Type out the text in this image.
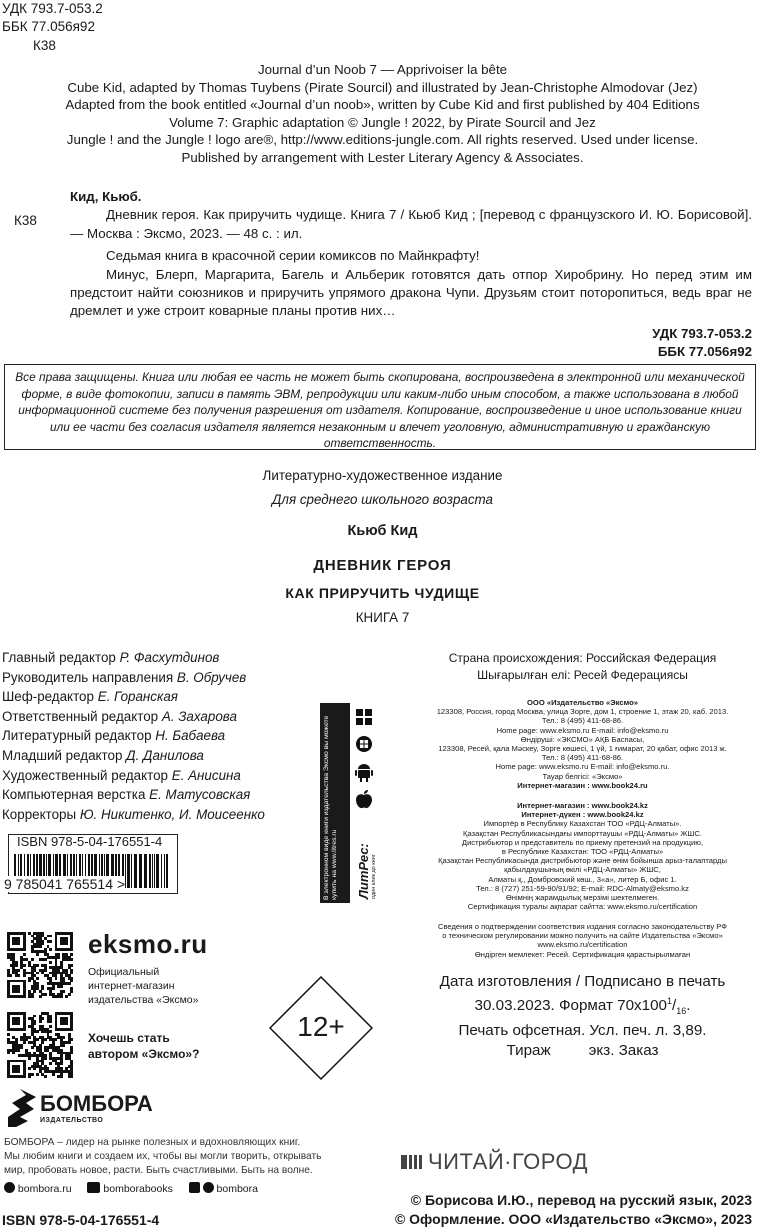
УДК 793.7-053.2
ББК 77.056я92
К38
Journal d’un Noob 7 — Apprivoiser la bête
Cube Kid, adapted by Thomas Tuybens (Pirate Sourcil) and illustrated by Jean-Christophe Almodovar (Jez)
Adapted from the book entitled «Journal d’un noob», written by Cube Kid and first published by 404 Editions
Volume 7: Graphic adaptation © Jungle ! 2022, by Pirate Sourcil and Jez
Jungle ! and the Jungle ! logo are®, http://www.editions-jungle.com. All rights reserved. Used under license.
Published by arrangement with Lester Literary Agency & Associates.
К38

Кид, Кьюб.

Дневник героя. Как приручить чудище. Книга 7 / Кьюб Кид ; [перевод с французского И. Ю. Борисовой]. — Москва : Эксмо, 2023. — 48 с. : ил.

Седьмая книга в красочной серии комиксов по Майнкрафту!

Минус, Блерп, Маргарита, Багель и Альберик готовятся дать отпор Хиробрину. Но перед этим им предстоит найти союзников и приручить упрямого дракона Чупи. Друзьям стоит поторопиться, ведь враг не дремлет и уже строит коварные планы против них…

УДК 793.7-053.2

ББК 77.056я92

Все права защищены. Книга или любая ее часть не может быть скопирована, воспроизведена в электронной или механической форме, в виде фотокопии, записи в память ЭВМ, репродукции или каким-либо иным способом, а также использована в любой информационной системе без получения разрешения от издателя. Копирование, воспроизведение и иное использование книги или ее части без согласия издателя является незаконным и влечет уголовную, административную и гражданскую ответственность.
Литературно-художественное издание
Для среднего школьного возраста
Кьюб Кид
ДНЕВНИК ГЕРОЯ
КАК ПРИРУЧИТЬ ЧУДИЩЕ
КНИГА 7
Главный редактор Р. Фасхутдинов
Руководитель направления В. Обручев
Шеф-редактор Е. Горанская
Ответственный редактор А. Захарова
Литературный редактор Н. Бабаева
Младший редактор Д. Данилова
Художественный редактор Е. Анисина
Компьютерная верстка Е. Матусовская
Корректоры Ю. Никитенко, И. Моисеенко	В электронном виде книги издательства Эксмо вы можете купить на www.litres.ru ЛитРес: один клик до книг
ISBN 978-5-04-176551-4
9 785041 765514 >
eksmo.ru
Официальный
интернет-магазин
издательства «Эксмо»
Хочешь стать
автором «Эксмо»?
12+
Страна происхождения: Российская Федерация
Шығарылған елі: Ресей Федерациясы
ООО «Издательство «Эксмо»
123308, Россия, город Москва, улица Зорге, дом 1, строение 1, этаж 20, каб. 2013.
Тел.: 8 (495) 411-68-86.
Home page: www.eksmo.ru E-mail: info@eksmo.ru
Өндіруші: «ЭКСМО» АҚБ Баспасы,
123308, Ресей, қала Мәскеу, Зорге көшесі, 1 үй, 1 ғимарат, 20 қабат, офис 2013 ж.
Тел.: 8 (495) 411-68-86.
Home page: www.eksmo.ru E-mail: info@eksmo.ru.
Тауар белгісі: «Эксмо»
Интернет-магазин : www.book24.ru
Интернет-магазин : www.book24.kz
Интернет-дүкен : www.book24.kz
Импортёр в Республику Казахстан ТОО «РДЦ-Алматы».
Қазақстан Республикасындағы импорттаушы «РДЦ-Алматы» ЖШС.
Дистрибьютор и представитель по приему претензий на продукцию,
в Республике Казахстан: ТОО «РДЦ-Алматы»
Қазақстан Республикасында дистрибьютор және өнім бойынша арыз-талаптарды
қабылдаушының өкілі «РДЦ-Алматы» ЖШС,
Алматы қ., Домбровский көш., 3«а», литер Б, офис 1.
Тел.: 8 (727) 251-59-90/91/92; E-mail: RDC-Almaty@eksmo.kz
Өнімнің жарамдылық мерзімі шектелмеген.
Сертификация туралы ақпарат сайтта: www.eksmo.ru/certification
Сведения о подтверждении соответствия издания согласно законодательству РФ
о техническом регулировании можно получить на сайте Издательства «Эксмо»
www.eksmo.ru/certification
Өндірген мемлекет: Ресей. Сертификация қарастырылмаған
Дата изготовления / Подписано в печать
30.03.2023. Формат $70х100^1/_{16}$.
Печать офсетная. Усл. печ. л. 3,89.
Тираж	экз. Заказ
БОМБОРА
ИЗДАТЕЛЬСТВО
БОМБОРА – лидер на рынке полезных и вдохновляющих книг.
Мы любим книги и создаем их, чтобы вы могли творить, открывать
мир, пробовать новое, расти. Быть счастливыми. Быть на волне.
bombora.ru	bomborabooks	bombora
ЧИТАЙ·ГОРОД
© Борисова И.Ю., перевод на русский язык, 2023
© Оформление. ООО «Издательство «Эксмо», 2023
ISBN 978-5-04-176551-4
